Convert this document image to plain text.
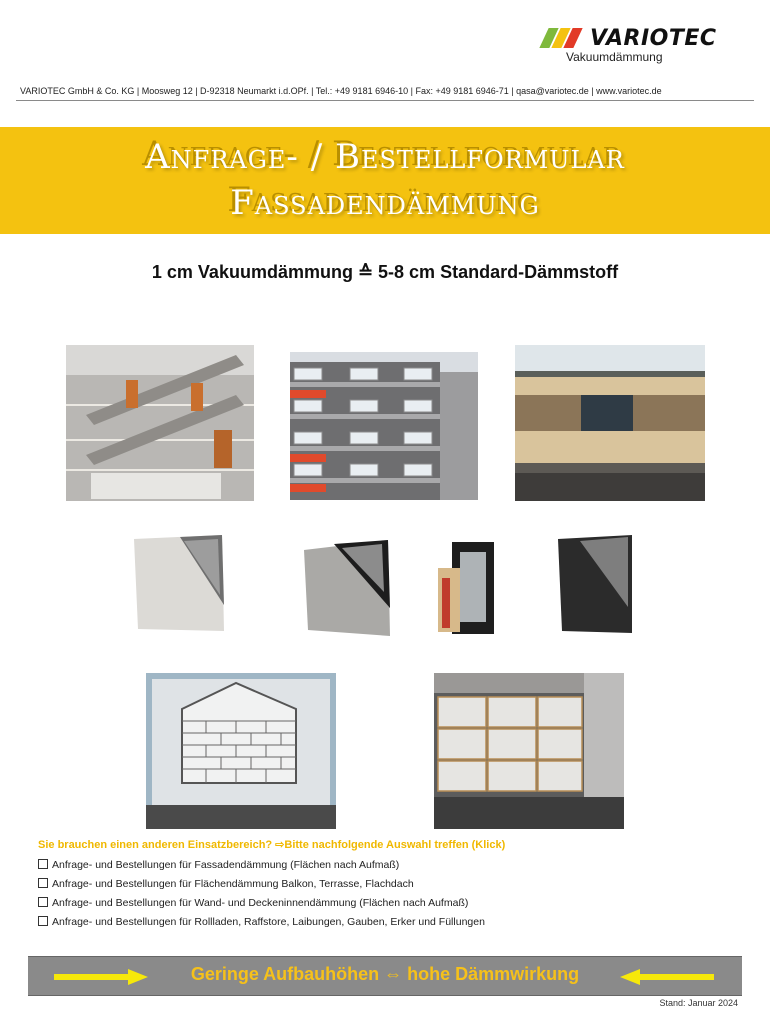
VARIOTEC
Vakuumdämmung
VARIOTEC GmbH & Co. KG | Moosweg 12 | D-92318 Neumarkt i.d.OPf. | Tel.: +49 9181 6946-10 | Fax: +49 9181 6946-71 | qasa@variotec.de | www.variotec.de
Anfrage- / Bestellformular
Fassadendämmung
1 cm Vakuumdämmung ≙ 5-8 cm Standard-Dämmstoff
Sie brauchen einen anderen Einsatzbereich? ⇨Bitte nachfolgende Auswahl treffen (Klick)
Anfrage- und Bestellungen für Fassadendämmung (Flächen nach Aufmaß)
Anfrage- und Bestellungen für Flächendämmung Balkon, Terrasse, Flachdach
Anfrage- und Bestellungen für Wand- und Deckeninnendämmung (Flächen nach Aufmaß)
Anfrage- und Bestellungen für Rollladen, Raffstore, Laibungen, Gauben, Erker und Füllungen
Geringe Aufbauhöhen ⇔ hohe Dämmwirkung
Stand: Januar 2024
